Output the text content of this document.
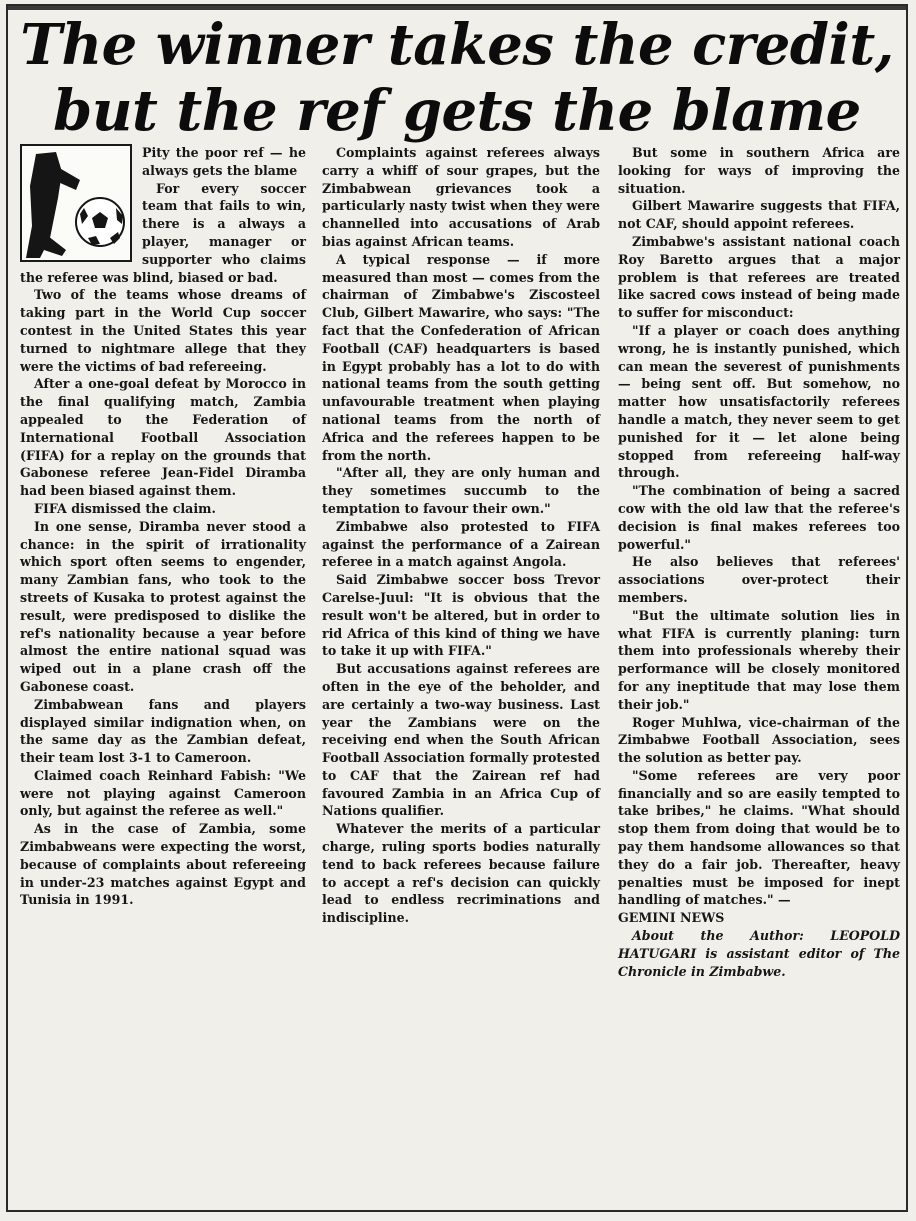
The winner takes the credit,
but the ref gets the blame

Pity the poor ref — he always gets the blame

For every soccer team that fails to win, there is a always a player, manager or supporter who claims the referee was blind, biased or bad.

Two of the teams whose dreams of taking part in the World Cup soccer contest in the United States this year turned to nightmare allege that they were the victims of bad refereeing.

After a one-goal defeat by Morocco in the final qualifying match, Zambia appealed to the Federation of International Football Association (FIFA) for a replay on the grounds that Gabonese referee Jean-Fidel Diramba had been biased against them.

FIFA dismissed the claim.

In one sense, Diramba never stood a chance: in the spirit of irrationality which sport often seems to engender, many Zambian fans, who took to the streets of Kusaka to protest against the result, were predisposed to dislike the ref's nationality because a year before almost the entire national squad was wiped out in a plane crash off the Gabonese coast.

Zimbabwean fans and players displayed similar indignation when, on the same day as the Zambian defeat, their team lost 3-1 to Cameroon.

Claimed coach Reinhard Fabish: "We were not playing against Cameroon only, but against the referee as well."

As in the case of Zambia, some Zimbabweans were expecting the worst, because of complaints about refereeing in under-23 matches against Egypt and Tunisia in 1991.

Complaints against referees always carry a whiff of sour grapes, but the Zimbabwean grievances took a particularly nasty twist when they were channelled into accusations of Arab bias against African teams.

A typical response — if more measured than most — comes from the chairman of Zimbabwe's Ziscosteel Club, Gilbert Mawarire, who says: "The fact that the Confederation of African Football (CAF) headquarters is based in Egypt probably has a lot to do with national teams from the south getting unfavourable treatment when playing national teams from the north of Africa and the referees happen to be from the north.

"After all, they are only human and they sometimes succumb to the temptation to favour their own."

Zimbabwe also protested to FIFA against the performance of a Zairean referee in a match against Angola.

Said Zimbabwe soccer boss Trevor Carelse-Juul: "It is obvious that the result won't be altered, but in order to rid Africa of this kind of thing we have to take it up with FIFA."

But accusations against referees are often in the eye of the beholder, and are certainly a two-way business. Last year the Zambians were on the receiving end when the South African Football Association formally protested to CAF that the Zairean ref had favoured Zambia in an Africa Cup of Nations qualifier.

Whatever the merits of a particular charge, ruling sports bodies naturally tend to back referees because failure to accept a ref's decision can quickly lead to endless recriminations and indiscipline.

But some in southern Africa are looking for ways of improving the situation.

Gilbert Mawarire suggests that FIFA, not CAF, should appoint referees.

Zimbabwe's assistant national coach Roy Baretto argues that a major problem is that referees are treated like sacred cows instead of being made to suffer for misconduct:

"If a player or coach does anything wrong, he is instantly punished, which can mean the severest of punishments — being sent off. But somehow, no matter how unsatisfactorily referees handle a match, they never seem to get punished for it — let alone being stopped from refereeing half-way through.

"The combination of being a sacred cow with the old law that the referee's decision is final makes referees too powerful."

He also believes that referees' associations over-protect their members.

"But the ultimate solution lies in what FIFA is currently planing: turn them into professionals whereby their performance will be closely monitored for any ineptitude that may lose them their job."

Roger Muhlwa, vice-chairman of the Zimbabwe Football Association, sees the solution as better pay.

"Some referees are very poor financially and so are easily tempted to take bribes," he claims. "What should stop them from doing that would be to pay them handsome allowances so that they do a fair job. Thereafter, heavy penalties must be imposed for inept handling of matches." —

GEMINI NEWS

About the Author: LEOPOLD HATUGARI is assistant editor of The Chronicle in Zimbabwe.
